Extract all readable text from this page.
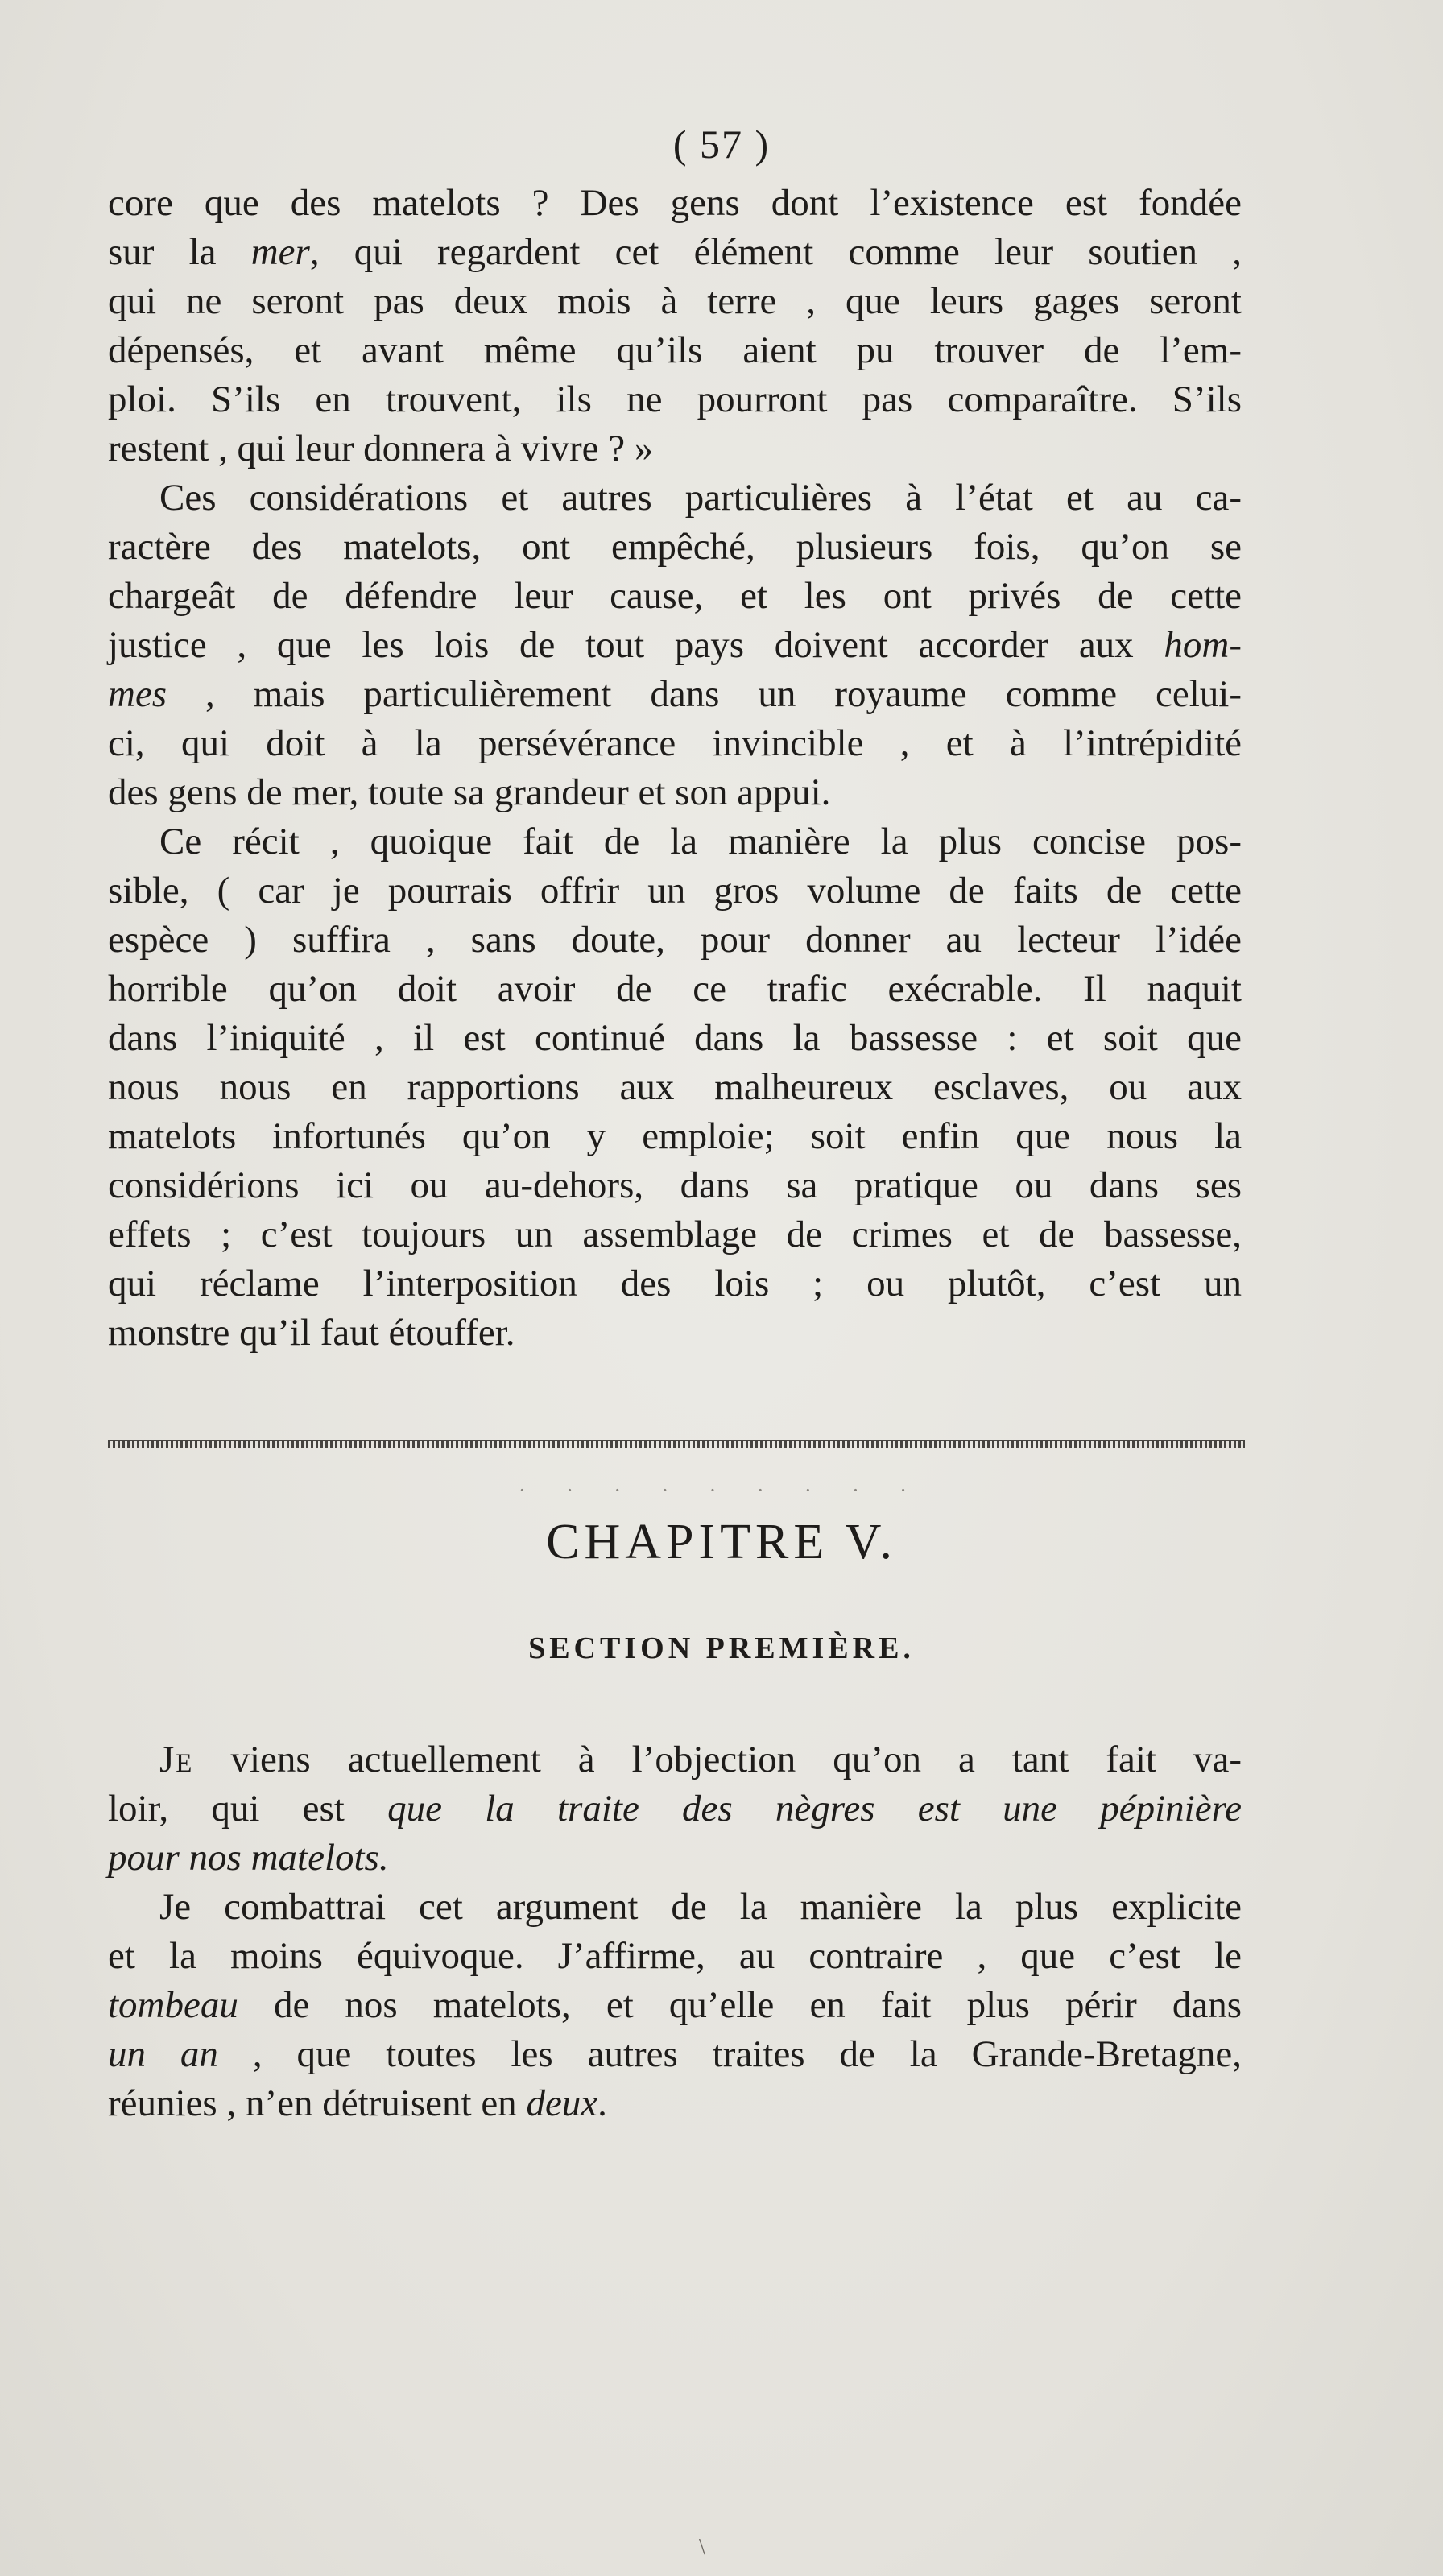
( 57 )
core que des matelots ? Des gens dont l’existence est fondée
sur la mer, qui regardent cet élément comme leur soutien ,
qui ne seront pas deux mois à terre , que leurs gages seront
dépensés, et avant même qu’ils aient pu trouver de l’em-
ploi. S’ils en trouvent, ils ne pourront pas comparaître. S’ils
restent , qui leur donnera à vivre ? »
Ces considérations et autres particulières à l’état et au ca-
ractère des matelots, ont empêché, plusieurs fois, qu’on se
chargeât de défendre leur cause, et les ont privés de cette
justice , que les lois de tout pays doivent accorder aux hom-
mes , mais particulièrement dans un royaume comme celui-
ci, qui doit à la persévérance invincible , et à l’intrépidité
des gens de mer, toute sa grandeur et son appui.
Ce récit , quoique fait de la manière la plus concise pos-
sible, ( car je pourrais offrir un gros volume de faits de cette
espèce ) suffira , sans doute, pour donner au lecteur l’idée
horrible qu’on doit avoir de ce trafic exécrable. Il naquit
dans l’iniquité , il est continué dans la bassesse : et soit que
nous nous en rapportions aux malheureux esclaves, ou aux
matelots infortunés qu’on y emploie; soit enfin que nous la
considérions ici ou au-dehors, dans sa pratique ou dans ses
effets ; c’est toujours un assemblage de crimes et de bassesse,
qui réclame l’interposition des lois ; ou plutôt, c’est un
monstre qu’il faut étouffer.
· · · · · · · · ·
CHAPITRE V.
SECTION PREMIÈRE.
Je viens actuellement à l’objection qu’on a tant fait va-
loir, qui est que la traite des nègres est une pépinière
pour nos matelots.
Je combattrai cet argument de la manière la plus explicite
et la moins équivoque. J’affirme, au contraire , que c’est le
tombeau de nos matelots, et qu’elle en fait plus périr dans
un an , que toutes les autres traites de la Grande-Bretagne,
réunies , n’en détruisent en deux.
\
